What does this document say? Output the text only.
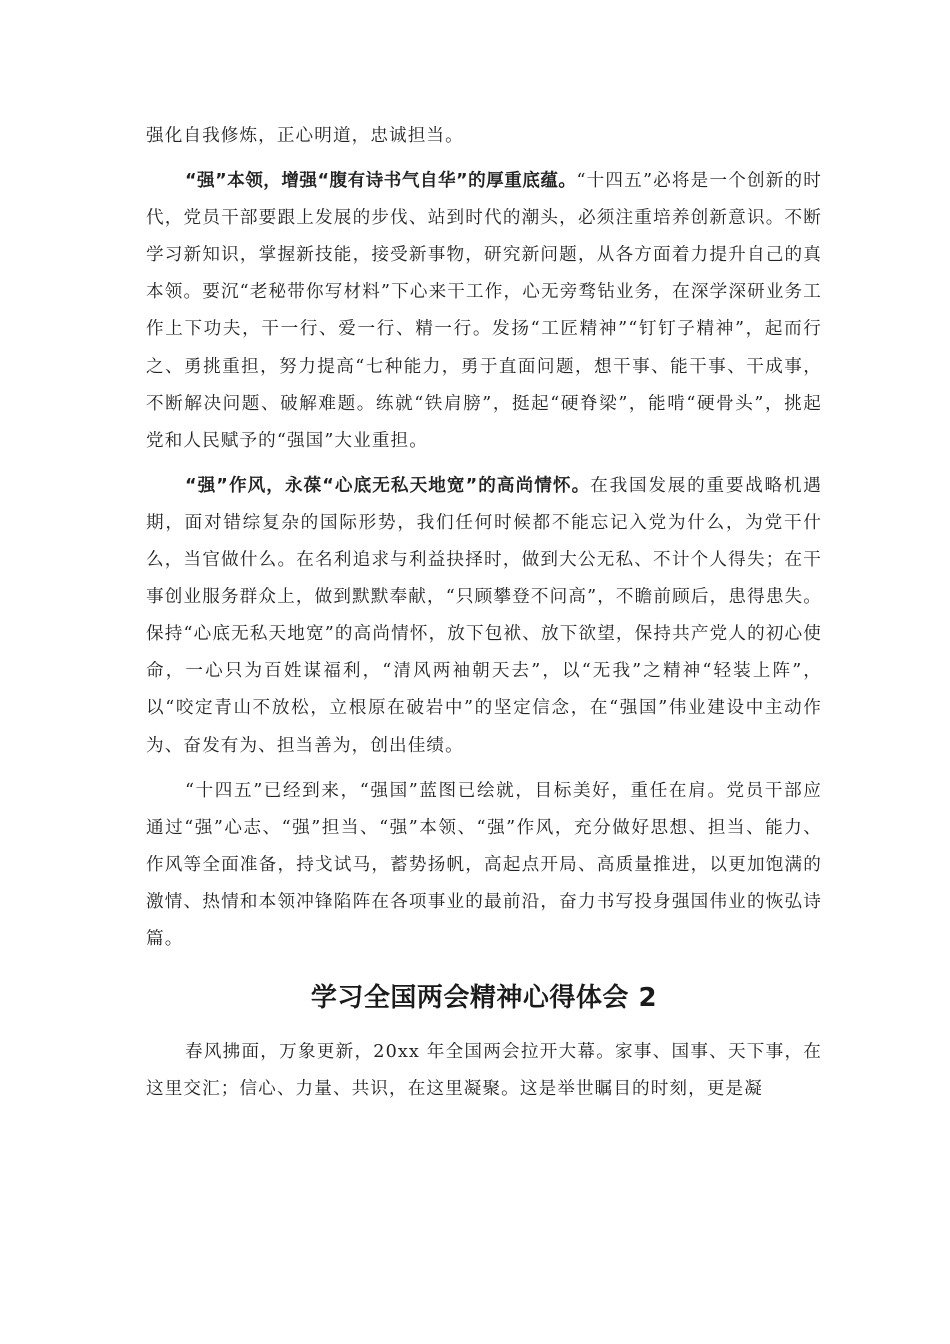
强化自我修炼，正心明道，忠诚担当。

“强”本领，增强“腹有诗书气自华”的厚重底蕴。“十四五”必将是一个创新的时代，党员干部要跟上发展的步伐、站到时代的潮头，必须注重培养创新意识。不断学习新知识，掌握新技能，接受新事物，研究新问题，从各方面着力提升自己的真本领。要沉“老秘带你写材料”下心来干工作，心无旁骛钻业务，在深学深研业务工作上下功夫，干一行、爱一行、精一行。发扬“工匠精神”“钉钉子精神”，起而行之、勇挑重担，努力提高“七种能力，勇于直面问题，想干事、能干事、干成事，不断解决问题、破解难题。练就“铁肩膀”，挺起“硬脊梁”，能啃“硬骨头”，挑起党和人民赋予的“强国”大业重担。

“强”作风，永葆“心底无私天地宽”的高尚情怀。在我国发展的重要战略机遇期，面对错综复杂的国际形势，我们任何时候都不能忘记入党为什么，为党干什么，当官做什么。在名利追求与利益抉择时，做到大公无私、不计个人得失；在干事创业服务群众上，做到默默奉献，“只顾攀登不问高”，不瞻前顾后，患得患失。保持“心底无私天地宽”的高尚情怀，放下包袱、放下欲望，保持共产党人的初心使命，一心只为百姓谋福利，“清风两袖朝天去”，以“无我”之精神“轻装上阵”，以“咬定青山不放松，立根原在破岩中”的坚定信念，在“强国”伟业建设中主动作为、奋发有为、担当善为，创出佳绩。

“十四五”已经到来，“强国”蓝图已绘就，目标美好，重任在肩。党员干部应通过“强”心志、“强”担当、“强”本领、“强”作风，充分做好思想、担当、能力、作风等全面准备，持戈试马，蓄势扬帆，高起点开局、高质量推进，以更加饱满的激情、热情和本领冲锋陷阵在各项事业的最前沿，奋力书写投身强国伟业的恢弘诗篇。

学习全国两会精神心得体会 2

春风拂面，万象更新，20xx 年全国两会拉开大幕。家事、国事、天下事，在这里交汇；信心、力量、共识，在这里凝聚。这是举世瞩目的时刻，更是凝
